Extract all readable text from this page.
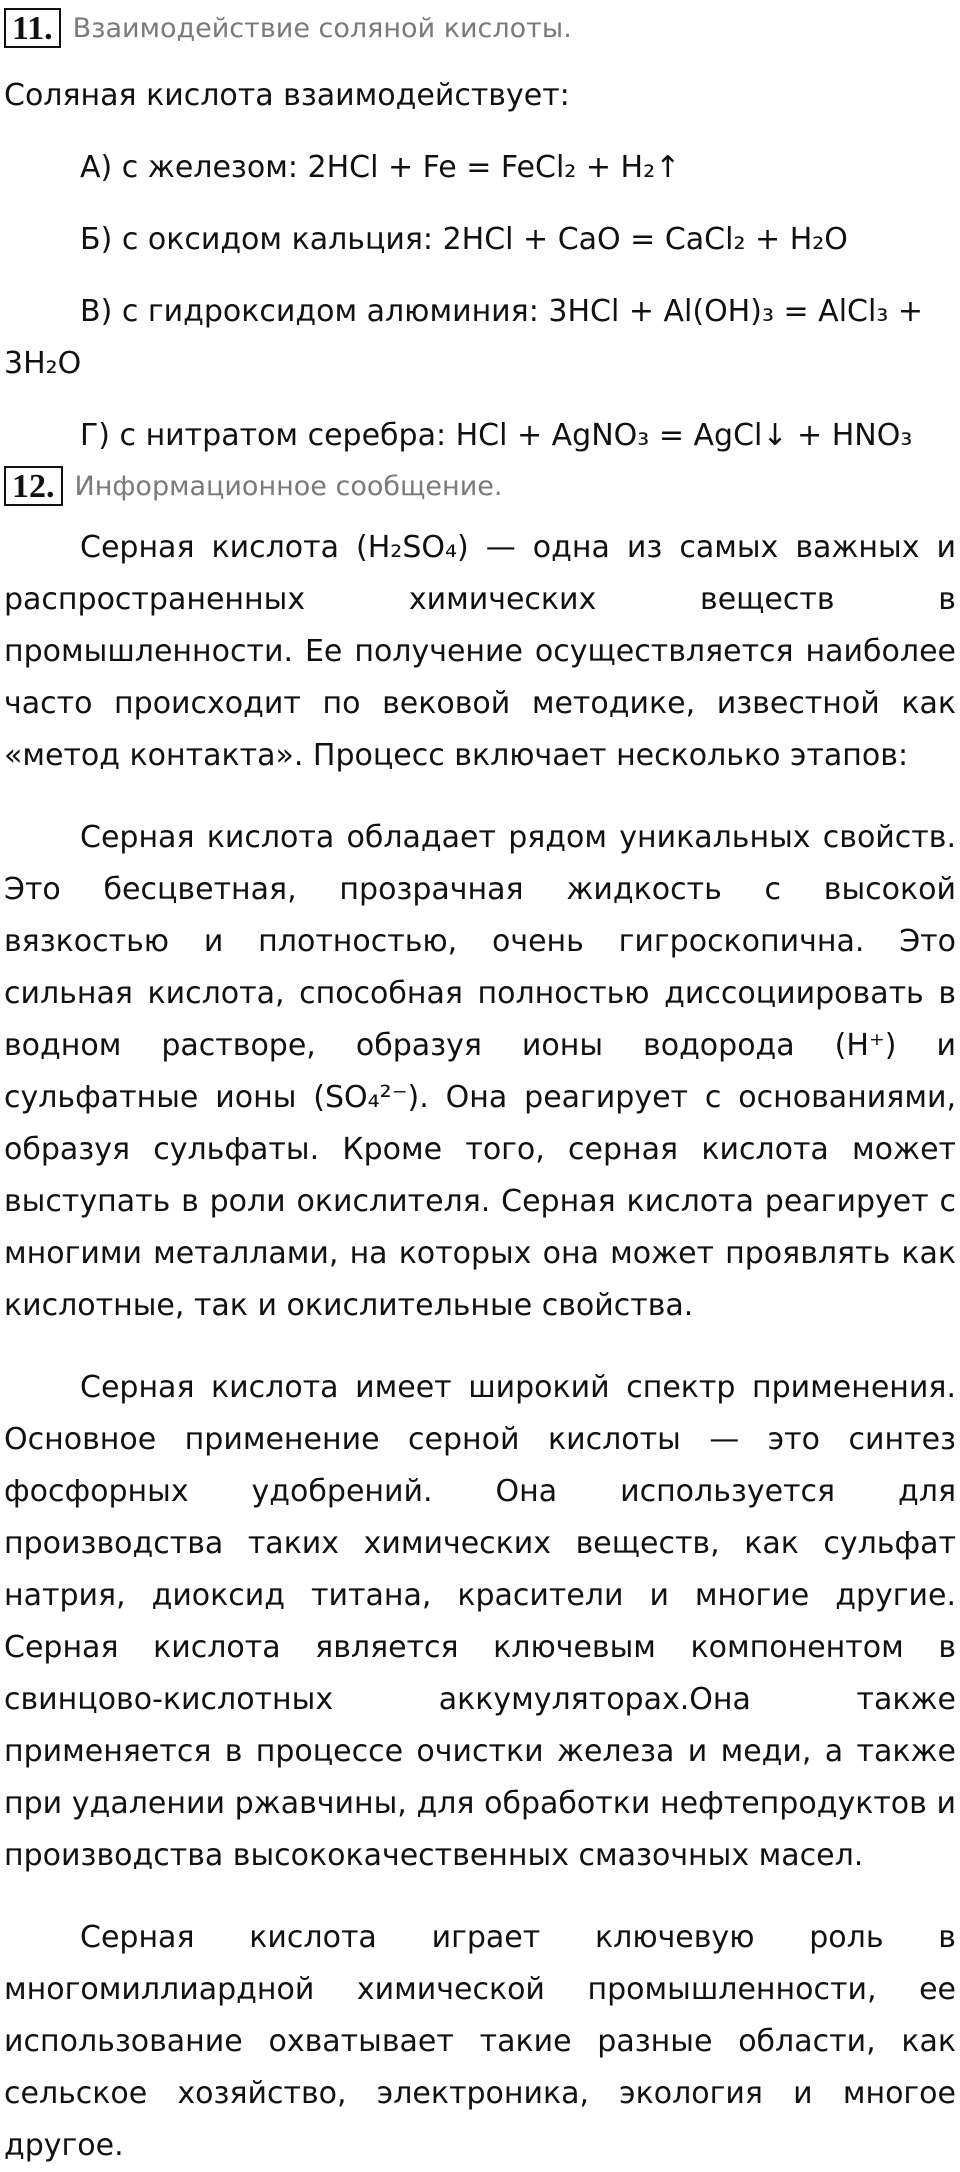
11. Взаимодействие соляной кислоты.
Соляная кислота взаимодействует:
А) с железом: 2HCl + Fe = FeCl₂ + H₂↑
Б) с оксидом кальция: 2HCl + CaO = CaCl₂ + H₂O
В) с гидроксидом алюминия: 3HCl + Al(OH)₃ = AlCl₃ + 3H₂O
Г) с нитратом серебра: HCl + AgNO₃ = AgCl↓ + HNO₃
12. Информационное сообщение.

Серная кислота (H₂SO₄) — одна из самых важных и распространенных химических веществ в промышленности. Ее получение осуществляется наиболее часто происходит по вековой методике, известной как «метод контакта». Процесс включает несколько этапов:

Серная кислота обладает рядом уникальных свойств. Это бесцветная, прозрачная жидкость с высокой вязкостью и плотностью, очень гигроскопична. Это сильная кислота, способная полностью диссоциировать в водном растворе, образуя ионы водорода (H⁺) и сульфатные ионы (SO₄²⁻). Она реагирует с основаниями, образуя сульфаты. Кроме того, серная кислота может выступать в роли окислителя. Серная кислота реагирует с многими металлами, на которых она может проявлять как кислотные, так и окислительные свойства.

Серная кислота имеет широкий спектр применения. Основное применение серной кислоты — это синтез фосфорных удобрений. Она используется для производства таких химических веществ, как сульфат натрия, диоксид титана, красители и многие другие. Серная кислота является ключевым компонентом в свинцово-кислотных аккумуляторах.Она также применяется в процессе очистки железа и меди, а также при удалении ржавчины, для обработки нефтепродуктов и производства высококачественных смазочных масел.

Серная кислота играет ключевую роль в многомиллиардной химической промышленности, ее использование охватывает такие разные области, как сельское хозяйство, электроника, экология и многое другое.
